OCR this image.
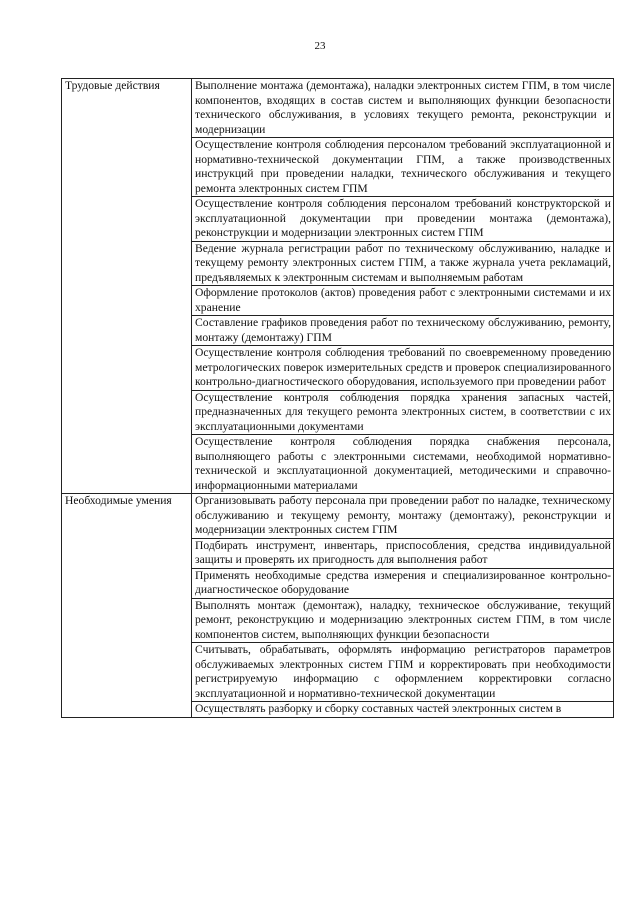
23
Трудовые действия	Выполнение монтажа (демонтажа), наладки электронных систем ГПМ, в том числе компонентов, входящих в состав систем и выполняющих функции безопасности технического обслуживания, в условиях текущего ремонта, реконструкции и модернизации
	Осуществление контроля соблюдения персоналом требований эксплуатационной и нормативно-технической документации ГПМ, а также производственных инструкций при проведении наладки, технического обслуживания и текущего ремонта электронных систем ГПМ
	Осуществление контроля соблюдения персоналом требований конструкторской и эксплуатационной документации при проведении монтажа (демонтажа), реконструкции и модернизации электронных систем ГПМ
	Ведение журнала регистрации работ по техническому обслуживанию, наладке и текущему ремонту электронных систем ГПМ, а также журнала учета рекламаций, предъявляемых к электронным системам и выполняемым работам
	Оформление протоколов (актов) проведения работ с электронными системами и их хранение
	Составление графиков проведения работ по техническому обслуживанию, ремонту, монтажу (демонтажу) ГПМ
	Осуществление контроля соблюдения требований по своевременному проведению метрологических поверок измерительных средств и проверок специализированного контрольно-диагностического оборудования, используемого при проведении работ
	Осуществление контроля соблюдения порядка хранения запасных частей, предназначенных для текущего ремонта электронных систем, в соответствии с их эксплуатационными документами
	Осуществление контроля соблюдения порядка снабжения персонала, выполняющего работы с электронными системами, необходимой нормативно-технической и эксплуатационной документацией, методическими и справочно-информационными материалами
Необходимые умения	Организовывать работу персонала при проведении работ по наладке, техническому обслуживанию и текущему ремонту, монтажу (демонтажу), реконструкции и модернизации электронных систем ГПМ
	Подбирать инструмент, инвентарь, приспособления, средства индивидуальной защиты и проверять их пригодность для выполнения работ
	Применять необходимые средства измерения и специализированное контрольно-диагностическое оборудование
	Выполнять монтаж (демонтаж), наладку, техническое обслуживание, текущий ремонт, реконструкцию и модернизацию электронных систем ГПМ, в том числе компонентов систем, выполняющих функции безопасности
	Считывать, обрабатывать, оформлять информацию регистраторов параметров обслуживаемых электронных систем ГПМ и корректировать при необходимости регистрируемую информацию с оформлением корректировки согласно эксплуатационной и нормативно-технической документации
	Осуществлять разборку и сборку составных частей электронных систем в
